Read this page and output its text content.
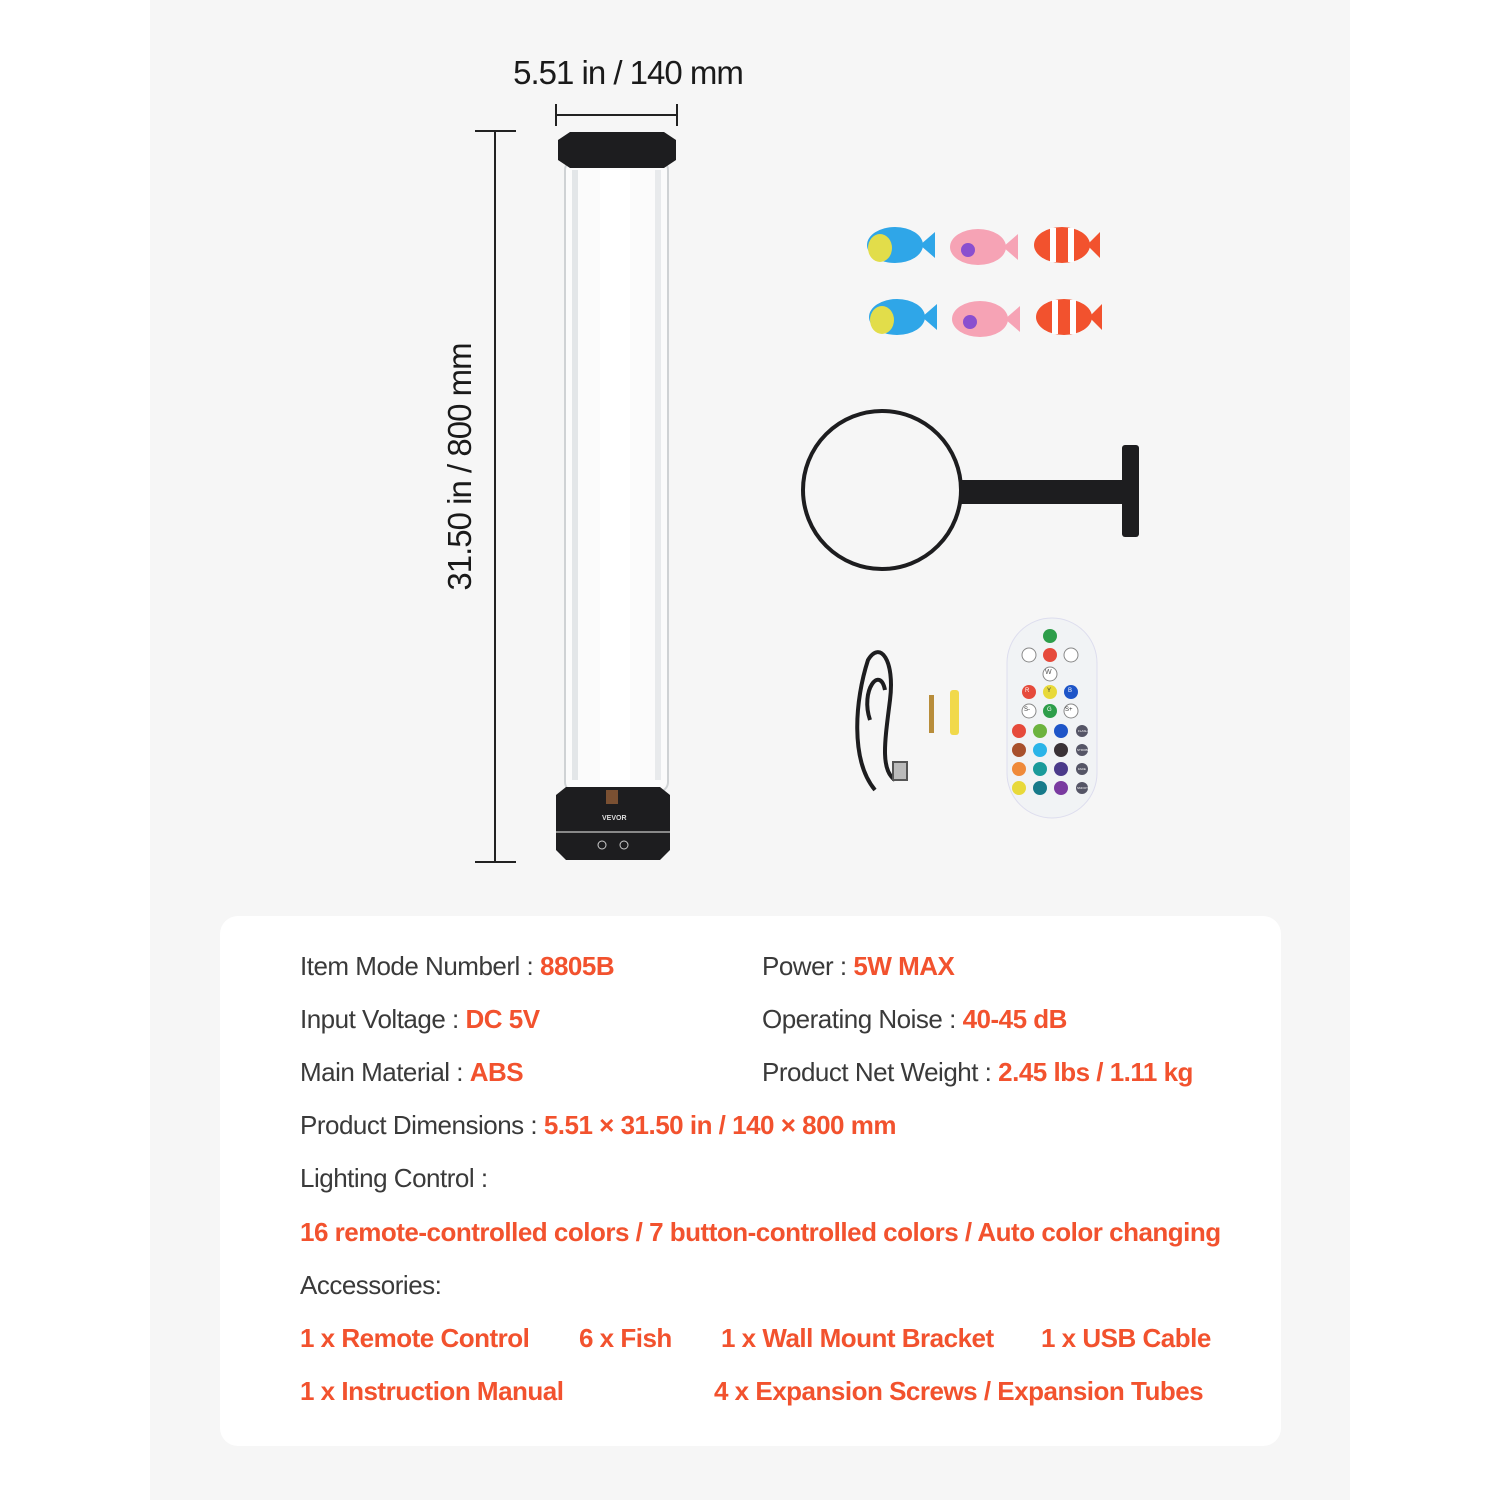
VEVOR
W
FLASH
STROBE
FADE
SMOOTH
R	Y	B
S-	G S+
5.51 in / 140 mm
31.50 in / 800 mm
Item Mode Numberl : 8805B	Power : 5W MAX
Input Voltage : DC 5V	Operating Noise : 40-45 dB
Main Material : ABS	Product Net Weight : 2.45 lbs / 1.11 kg
Product Dimensions : 5.51 × 31.50 in / 140 × 800 mm
Lighting Control :
16 remote-controlled colors / 7 button-controlled colors / Auto color changing
Accessories:
1 x Remote Control 6 x Fish 1 x Wall Mount Bracket 1 x USB Cable
1 x Instruction Manual	4 x Expansion Screws / Expansion Tubes
